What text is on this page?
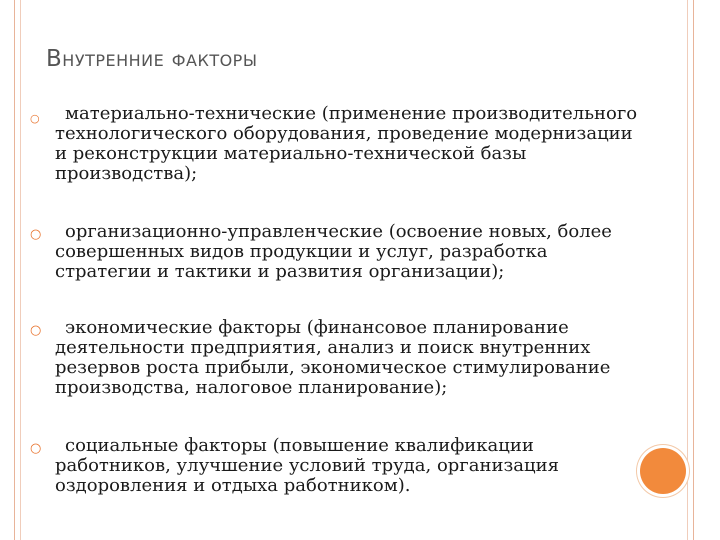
ВНУТРЕННИЕ ФАКТОРЫ
○	материально-технические (применение производительного
технологического оборудования, проведение модернизации
и реконструкции материально-технической базы
производства);

○	организационно-управленческие (освоение новых, более
совершенных видов продукции и услуг, разработка
стратегии и тактики и развития организации);

○	экономические факторы (финансовое планирование
деятельности предприятия, анализ и поиск внутренних
резервов роста прибыли, экономическое стимулирование
производства, налоговое планирование);

○	социальные факторы (повышение квалификации
работников, улучшение условий труда, организация
оздоровления и отдыха работником).
